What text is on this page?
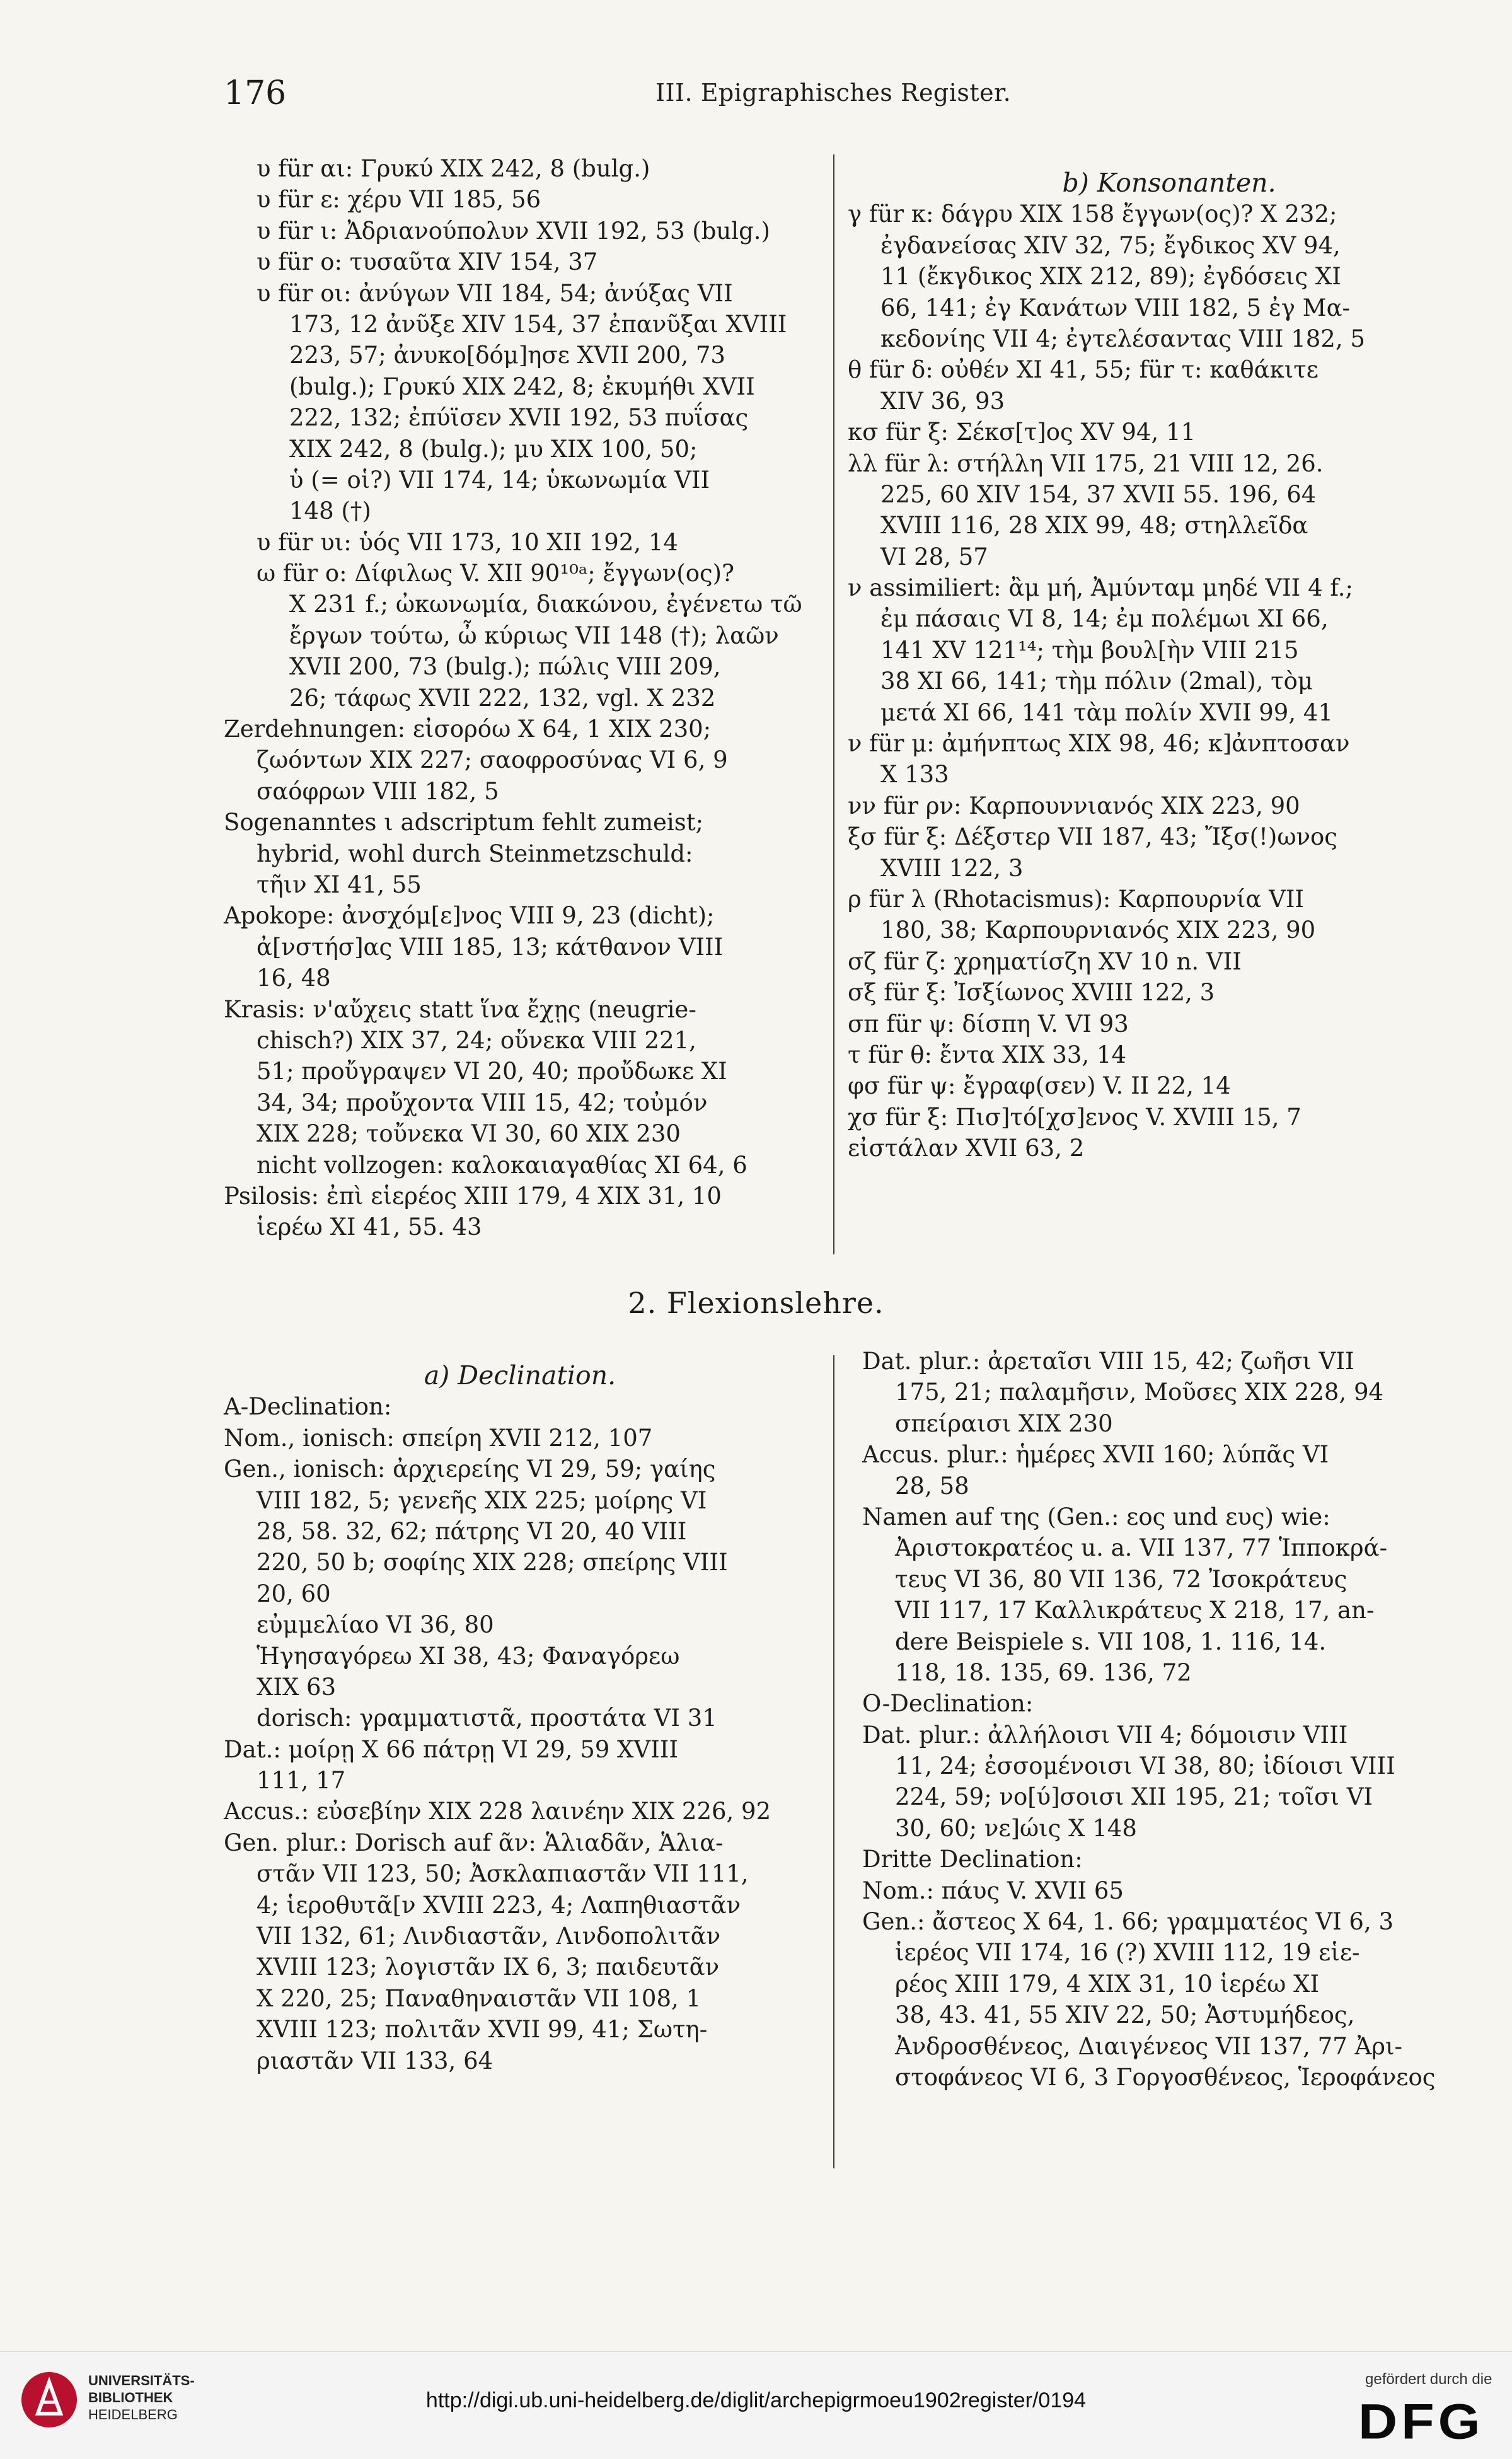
176	III. Epigraphisches Register.
υ für αι: Γρυκύ XIX 242, 8 (bulg.)
υ für ε: χέρυ VII 185, 56
υ für ι: Ἀδριανούπολυν XVII 192, 53 (bulg.)
υ für ο: τυσαῦτα XIV 154, 37
υ für οι: ἀνύγων VII 184, 54; ἀνύξας VII
173, 12 ἀνῦξε XIV 154, 37 ἐπανῦξαι XVIII
223, 57; ἀνυκο[δόμ]ησε XVII 200, 73
(bulg.); Γρυκύ XIX 242, 8; ἐκυμήθι XVII
222, 132; ἐπύϊσεν XVII 192, 53 πυΐσας
XIX 242, 8 (bulg.); μυ XIX 100, 50;
ὑ (= οἱ?) VII 174, 14; ὑκωνωμία VII
148 (†)
υ für υι: ὑός VII 173, 10 XII 192, 14
ω für ο: Δίφιλως V. XII 90¹⁰ᵃ; ἔγγων(ος)?
X 231 f.; ὠκωνωμία, διακώνου, ἐγένετω τῶ
ἔργων τούτω, ὦ κύριως VII 148 (†); λαῶν
XVII 200, 73 (bulg.); πώλις VIII 209,
26; τάφως XVII 222, 132, vgl. X 232
Zerdehnungen: εἰσορόω X 64, 1 XIX 230;
ζωόντων XIX 227; σαοφροσύνας VI 6, 9
σαόφρων VIII 182, 5
Sogenanntes ι adscriptum fehlt zumeist;
hybrid, wohl durch Steinmetzschuld:
τῆιν XI 41, 55
Apokope: ἀνσχόμ[ε]νος VIII 9, 23 (dicht);
ἀ[νστήσ]ας VIII 185, 13; κάτθανον VIII
16, 48
Krasis: ν'αὔχεις statt ἵνα ἔχῃς (neugrie-
chisch?) XIX 37, 24; οὕνεκα VIII 221,
51; προὔγραψεν VI 20, 40; προὔδωκε XI
34, 34; προὔχοντα VIII 15, 42; τοὐμόν
XIX 228; τοὔνεκα VI 30, 60 XIX 230
nicht vollzogen: καλοκαιαγαθίας XI 64, 6
Psilosis: ἐπὶ εἱερέος XIII 179, 4 XIX 31, 10
ἱερέω XI 41, 55. 43
b) Konsonanten.
γ für κ: δάγρυ XIX 158 ἔγγων(ος)? X 232;
ἐγδανείσας XIV 32, 75; ἔγδικος XV 94,
11 (ἔκγδικος XIX 212, 89); ἐγδόσεις XI
66, 141; ἐγ Κανάτων VIII 182, 5 ἐγ Μα-
κεδονίης VII 4; ἐγτελέσαντας VIII 182, 5
θ für δ: οὐθέν XI 41, 55; für τ: καθάκιτε
XIV 36, 93
κσ für ξ: Σέκσ[τ]ος XV 94, 11
λλ für λ: στήλλη VII 175, 21 VIII 12, 26.
225, 60 XIV 154, 37 XVII 55. 196, 64
XVIII 116, 28 XIX 99, 48; στηλλεῖδα
VI 28, 57
ν assimiliert: ἂμ μή, Ἀμύνταμ μηδέ VII 4 f.;
ἐμ πάσαις VI 8, 14; ἐμ πολέμωι XI 66,
141 XV 121¹⁴; τὴμ βουλ[ὴν VIII 215
38 XI 66, 141; τὴμ πόλιν (2mal), τὸμ
μετά XI 66, 141 τὰμ πολίν XVII 99, 41
ν für μ: ἀμήνπτως XIX 98, 46; κ]ἀνπτοσαν
X 133
νν für ρν: Καρπουννιανός XIX 223, 90
ξσ für ξ: Δέξστερ VII 187, 43; Ἴξσ(!)ωνος
XVIII 122, 3
ρ für λ (Rhotacismus): Καρπουρνία VII
180, 38; Καρπουρνιανός XIX 223, 90
σζ für ζ: χρηματίσζη XV 10 n. VII
σξ für ξ: Ἰσξίωνος XVIII 122, 3
σπ für ψ: δίσπη V. VI 93
τ für θ: ἔντα XIX 33, 14
φσ für ψ: ἔγραφ(σεν) V. II 22, 14
χσ für ξ: Πισ]τό[χσ]ενος V. XVIII 15, 7
εἰστάλαν XVII 63, 2
2. Flexionslehre.
a) Declination.
A-Declination:
Nom., ionisch: σπείρη XVII 212, 107
Gen., ionisch: ἀρχιερείης VI 29, 59; γαίης
VIII 182, 5; γενεῆς XIX 225; μοίρης VI
28, 58. 32, 62; πάτρης VI 20, 40 VIII
220, 50 b; σοφίης XIX 228; σπείρης VIII
20, 60
εὐμμελίαο VI 36, 80
Ἡγησαγόρεω XI 38, 43; Φαναγόρεω
XIX 63
dorisch: γραμματιστᾶ, προστάτα VI 31
Dat.: μοίρῃ X 66 πάτρῃ VI 29, 59 XVIII
111, 17
Accus.: εὐσεβίην XIX 228 λαινέην XIX 226, 92
Gen. plur.: Dorisch auf ᾶν: Ἁλιαδᾶν, Ἁλια-
στᾶν VII 123, 50; Ἀσκλαπιαστᾶν VII 111,
4; ἱεροθυτᾶ[ν XVIII 223, 4; Λαπηθιαστᾶν
VII 132, 61; Λινδιαστᾶν, Λινδοπολιτᾶν
XVIII 123; λογιστᾶν IX 6, 3; παιδευτᾶν
X 220, 25; Παναθηναιστᾶν VII 108, 1
XVIII 123; πολιτᾶν XVII 99, 41; Σωτη-
ριαστᾶν VII 133, 64
Dat. plur.: ἀρεταῖσι VIII 15, 42; ζωῆσι VII
175, 21; παλαμῆσιν, Μοῦσες XIX 228, 94
σπείραισι XIX 230
Accus. plur.: ἡμέρες XVII 160; λύπᾶς VI
28, 58
Namen auf της (Gen.: εος und ευς) wie:
Ἀριστοκρατέος u. a. VII 137, 77 Ἱπποκρά-
τευς VI 36, 80 VII 136, 72 Ἰσοκράτευς
VII 117, 17 Καλλικράτευς X 218, 17, an-
dere Beispiele s. VII 108, 1. 116, 14.
118, 18. 135, 69. 136, 72
O-Declination:
Dat. plur.: ἀλλήλοισι VII 4; δόμοισιν VIII
11, 24; ἐσσομένοισι VI 38, 80; ἰδίοισι VIII
224, 59; νο[ύ]σοισι XII 195, 21; τοῖσι VI
30, 60; νε]ώις X 148
Dritte Declination:
Nom.: πάυς V. XVII 65
Gen.: ἄστεος X 64, 1. 66; γραμματέος VI 6, 3
ἱερέος VII 174, 16 (?) XVIII 112, 19 εἱε-
ρέος XIII 179, 4 XIX 31, 10 ἱερέω XI
38, 43. 41, 55 XIV 22, 50; Ἀστυμήδεος,
Ἀνδροσθένεος, Διαιγένεος VII 137, 77 Ἀρι-
στοφάνεος VI 6, 3 Γοργοσθένεος, Ἱεροφάνεος
UNIVERSITÄTS-
BIBLIOTHEK
HEIDELBERG
http://digi.ub.uni-heidelberg.de/diglit/archepigrmoeu1902register/0194
gefördert durch die
DFG
